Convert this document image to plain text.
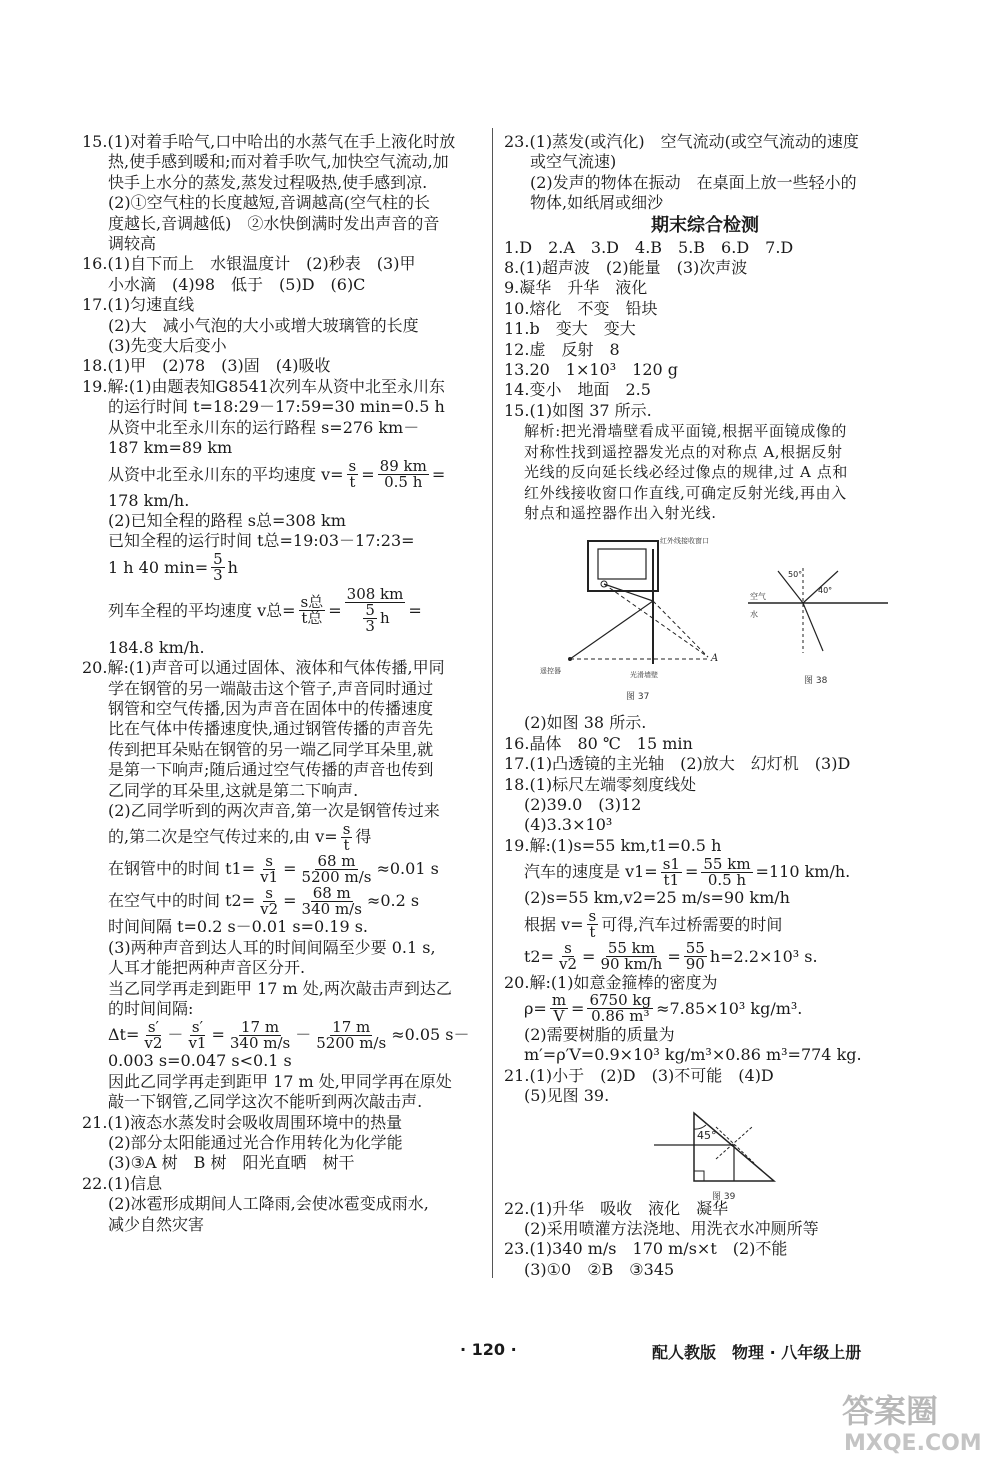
15.(1)对着手哈气,口中哈出的水蒸气在手上液化时放
热,使手感到暖和;而对着手吹气,加快空气流动,加
快手上水分的蒸发,蒸发过程吸热,使手感到凉.
(2)①空气柱的长度越短,音调越高(空气柱的长
度越长,音调越低)　②水快倒满时发出声音的音
调较高
16.(1)自下而上　水银温度计　(2)秒表　(3)甲
小水滴　(4)98　低于　(5)D　(6)C
17.(1)匀速直线
(2)大　减小气泡的大小或增大玻璃管的长度
(3)先变大后变小
18.(1)甲　(2)78　(3)固　(4)吸收
19.解:(1)由题表知G8541次列车从资中北至永川东
的运行时间 t=18:29－17:59=30 min=0.5 h
从资中北至永川东的运行路程 s=276 km－
187 km=89 km
从资中北至永川东的平均速度 $v= \frac{s}{t} = \frac{89 km}{0.5 h}$ =
178 km/h.
(2)已知全程的路程 s总=308 km
已知全程的运行时间 t总=19:03－17:23=
1 h 40 $\min= \frac{5}{3}$ h
列车全程的平均速度 v总= $\frac{\text{s总}}{\text{t总}} = \frac{308 km}{\frac{5}{3} h}$ =
184.8 km/h.
20.解:(1)声音可以通过固体、液体和气体传播,甲同
学在钢管的另一端敲击这个管子,声音同时通过
钢管和空气传播,因为声音在固体中的传播速度
比在气体中传播速度快,通过钢管传播的声音先
传到把耳朵贴在钢管的另一端乙同学耳朵里,就
是第一下响声;随后通过空气传播的声音也传到
乙同学的耳朵里,这就是第二下响声.
(2)乙同学听到的两次声音,第一次是钢管传过来
的,第二次是空气传过来的,由 $v= \frac{s}{t}$ 得
在钢管中的时间 $t1= \frac{s}{v1} = \frac{68 m}{5200 m/s} \approx 0.01$ s
在空气中的时间 $t2= \frac{s}{v2} = \frac{68 m}{340 m/s} \approx 0.2$ s
时间间隔 t=0.2 s－0.01 s=0.19 s.
(3)两种声音到达人耳的时间间隔至少要 0.1 s,
人耳才能把两种声音区分开.
当乙同学再走到距甲 17 m 处,两次敲击声到达乙
的时间间隔:
$\Delta t= \frac{s'}{v2} - \frac{s'}{v1} = \frac{17 m}{340 m/s} - \frac{17 m}{5200 m/s} \approx 0.05$ s－
0.003 s=0.047 s<0.1 s
因此乙同学再走到距甲 17 m 处,甲同学再在原处
敲一下钢管,乙同学这次不能听到两次敲击声.
21.(1)液态水蒸发时会吸收周围环境中的热量
(2)部分太阳能通过光合作用转化为化学能
(3)③A 树　B 树　阳光直晒　树干
22.(1)信息
(2)冰雹形成期间人工降雨,会使冰雹变成雨水,
减少自然灾害
23.(1)蒸发(或汽化)　空气流动(或空气流动的速度
或空气流速)
(2)发声的物体在振动　在桌面上放一些轻小的
物体,如纸屑或细沙
期末综合检测
1.D　2.A　3.D　4.B　5.B　6.D　7.D
8.(1)超声波　(2)能量　(3)次声波
9.凝华　升华　液化
10.熔化　不变　铅块
11.b　变大　变大
12.虚　反射　8
13.20　1×10³　120 g
14.变小　地面　2.5
15.(1)如图 37 所示.
解析:把光滑墙壁看成平面镜,根据平面镜成像的
对称性找到遥控器发光点的对称点 A,根据反射
光线的反向延长线必经过像点的规律,过 A 点和
红外线接收窗口作直线,可确定反射光线,再由入
射点和遥控器作出入射光线.
红外线接收窗口
遥控器	光滑墙壁
A
图 37
空气
水
50°
40°
图 38
(2)如图 38 所示.
16.晶体　80 ℃　15 min
17.(1)凸透镜的主光轴　(2)放大　幻灯机　(3)D
18.(1)标尺左端零刻度线处
(2)39.0　(3)12
(4)3.3×10³
19.解:(1)s=55 km,t1=0.5 h
汽车的速度是 $v1= \frac{s1}{t1} = \frac{55 km}{0.5 h} =110$ km/h.
(2)s=55 km,v2=25 m/s=90 km/h
根据 $v= \frac{s}{t}$ 可得,汽车过桥需要的时间
$t2= \frac{s}{v2} = \frac{55 km}{90 km/h} = \frac{55}{90} h=2.2\times 10^3$ s.
20.解:(1)如意金箍棒的密度为
$\rho= \frac{m}{V} = \frac{6750 kg}{\text{0.86 m³}} \approx 7.85\times 10^3$ kg/m³.
(2)需要树脂的质量为
m′=ρ′V=0.9×10³ kg/m³×0.86 m³=774 kg.
21.(1)小于　(2)D　(3)不可能　(4)D
(5)见图 39.
45°
图 39
22.(1)升华　吸收　液化　凝华
(2)采用喷灌方法浇地、用洗衣水冲厕所等
23.(1)340 m/s　170 m/s×t　(2)不能
(3)①0　②B　③345
· 120 ·	配人教版　物理 · 八年级上册
答案圈
MXQE.COM
